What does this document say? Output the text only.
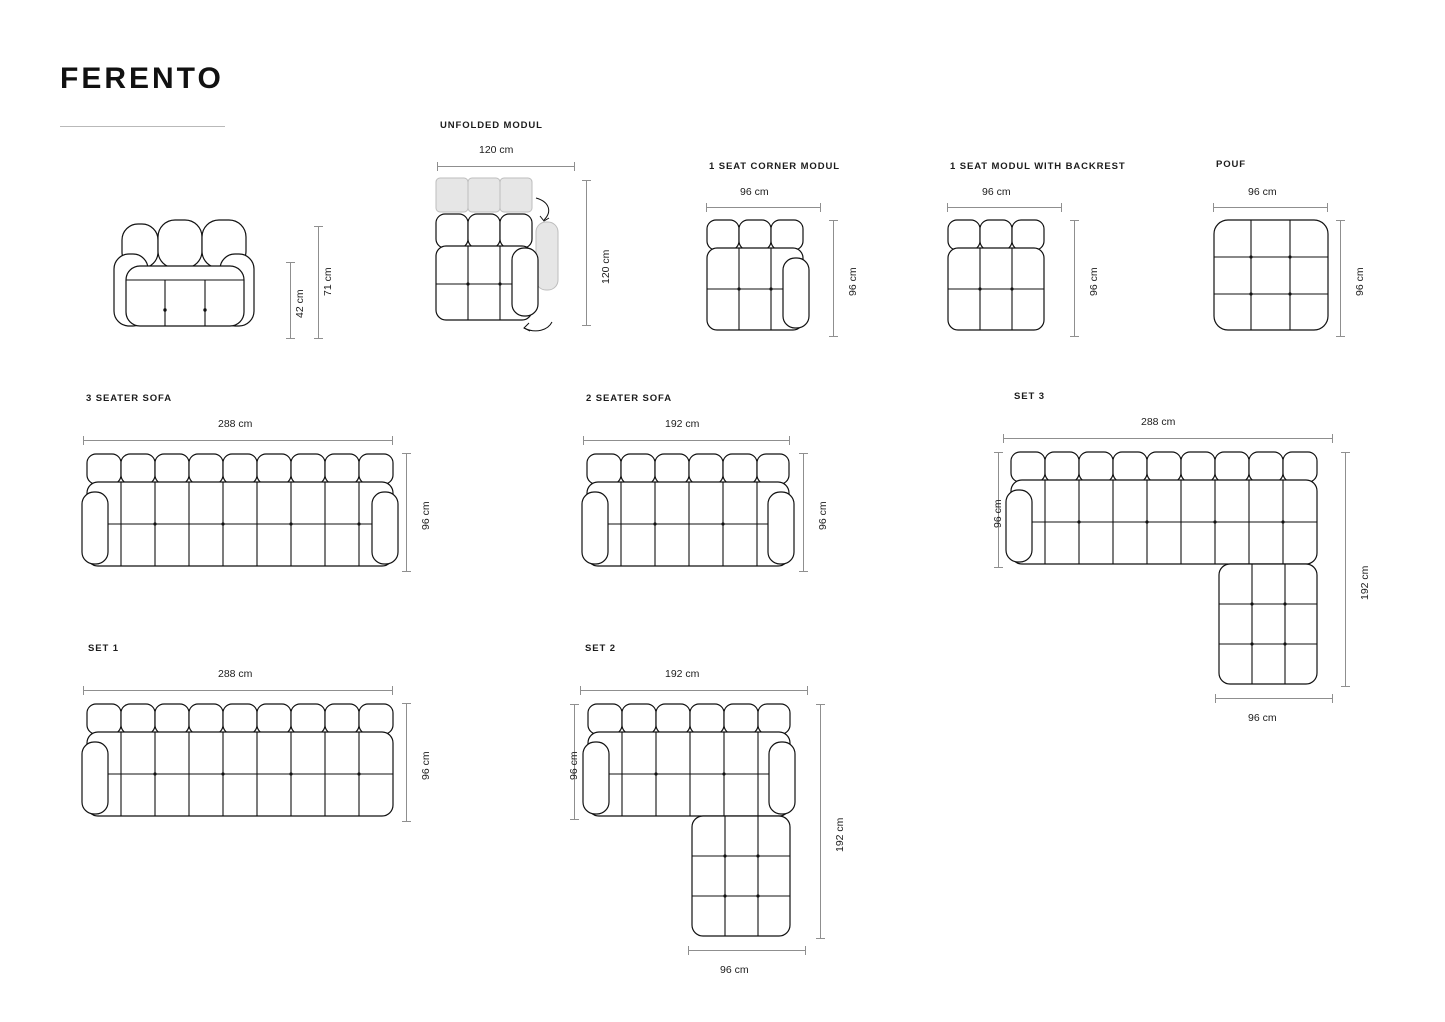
FERENTO
71 cm
42 cm
UNFOLDED MODUL
120 cm
120 cm
1 SEAT CORNER MODUL
96 cm
96 cm
1 SEAT MODUL WITH BACKREST
96 cm
96 cm
POUF
96 cm
96 cm
3 SEATER SOFA
288 cm
96 cm
2 SEATER SOFA
192 cm
96 cm
SET 3
288 cm
96 cm
192 cm
96 cm
SET 1
288 cm
96 cm
SET 2
192 cm
96 cm
192 cm
96 cm
